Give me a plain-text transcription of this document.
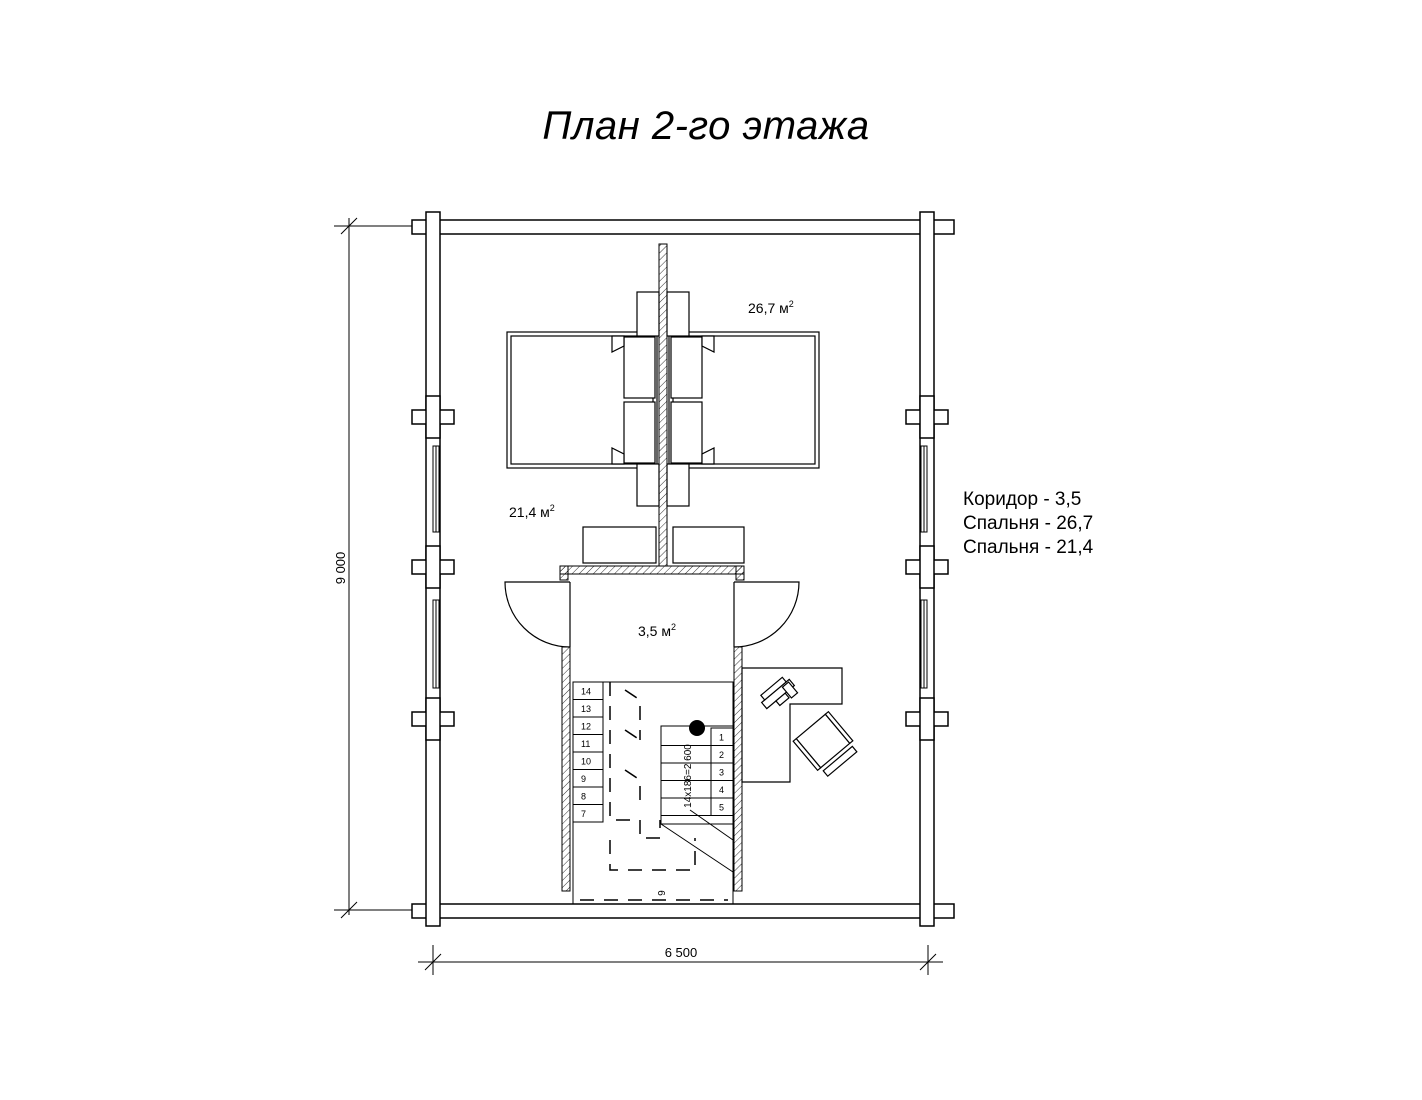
План 2-го этажа
9 000
6 500
1
2
3
4
5
7
8
9
10
11
12
13
14
14х186=2 600
6
26,7 $м^2$
21,4 $м^2$
3,5 $м^2$
Коридор - 3,5
Спальня - 26,7
Спальня - 21,4
